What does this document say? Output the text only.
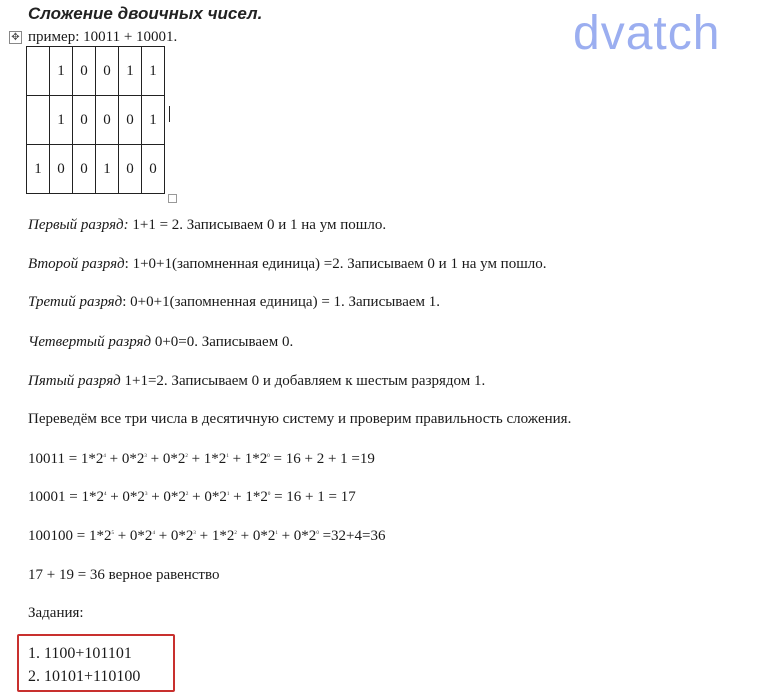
Сложение двоичных чисел.	dvatch
✥ пример: 10011 + 10001.
	1	0	0	1	1
	1	0	0	0	1
1	0	0	1	0	0
Первый разряд: 1+1 = 2. Записываем 0 и 1 на ум пошло.
Второй разряд: 1+0+1(запомненная единица) =2. Записываем 0 и 1 на ум пошло.
Третий разряд: 0+0+1(запомненная единица) = 1. Записываем 1.
Четвертый разряд 0+0=0. Записываем 0.
Пятый разряд 1+1=2. Записываем 0 и добавляем к шестым разрядом 1.
Переведём все три числа в десятичную систему и проверим правильность сложения.
$10011 = 1*2^4 + 0*2^3 + 0*2^2 + 1*2^1 + 1*2^0 = 16 + 2 + 1 =19$
$10001 = 1*2^4 + 0*2^3 + 0*2^2 + 0*2^1 + 1*2^0 = 16 + 1 = 17$
$100100 = 1*2^5 + 0*2^4 + 0*2^3 + 1*2^2 + 0*2^1 + 0*2^0 =32+4=36$
17 + 19 = 36 верное равенство
Задания:
1. 1100+101101
2. 10101+110100
